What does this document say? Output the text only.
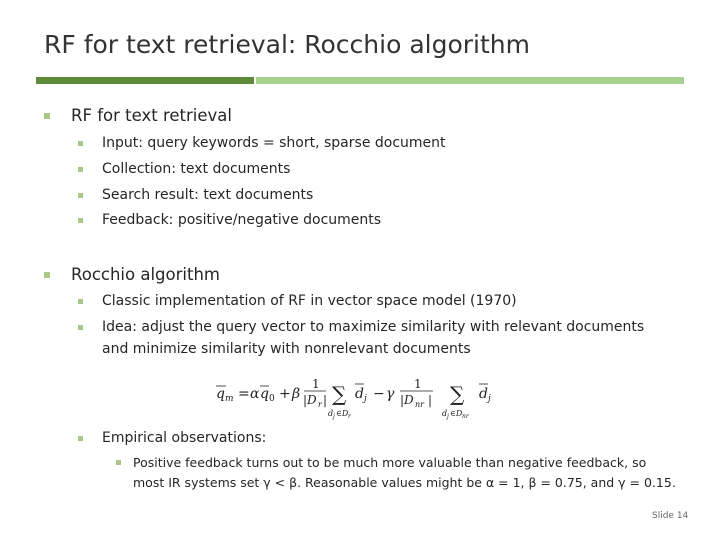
RF for text retrieval: Rocchio algorithm
RF for text retrieval
Input: query keywords = short, sparse document
Collection: text documents
Search result: text documents
Feedback: positive/negative documents
Rocchio algorithm
Classic implementation of RF in vector space model (1970)
Idea: adjust the query vector to maximize similarity with relevant documents
and minimize similarity with nonrelevant documents
q m = α q 0 + β
1
|D r | ∑
d j ∈D r
d j − γ
1
|D nr | ∑
d j ∈D nr
d j
Empirical observations:
Positive feedback turns out to be much more valuable than negative feedback, so
most IR systems set γ < β. Reasonable values might be α = 1, β = 0.75, and γ = 0.15.
Slide 14
